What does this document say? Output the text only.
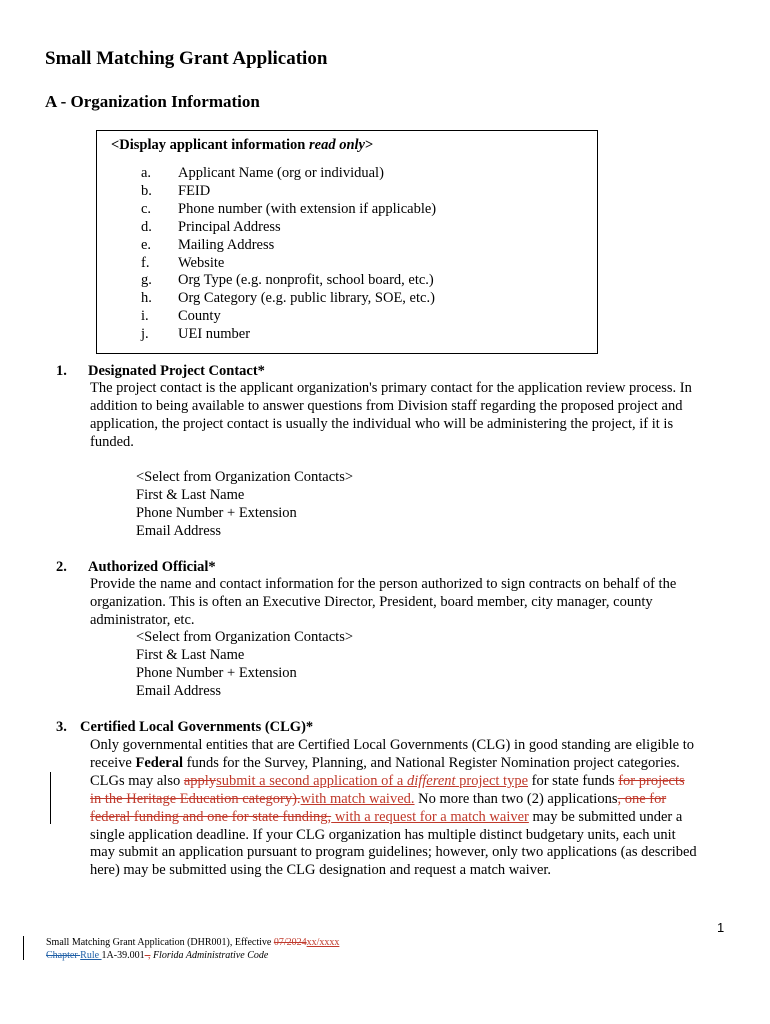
Small Matching Grant Application
A - Organization Information
<Display applicant information read only>
a. Applicant Name (org or individual)
b. FEID
c. Phone number (with extension if applicable)
d. Principal Address
e. Mailing Address
f. Website
g. Org Type (e.g. nonprofit, school board, etc.)
h. Org Category (e.g. public library, SOE, etc.)
i. County
j. UEI number
1. Designated Project Contact*
The project contact is the applicant organization's primary contact for the application review process. In
addition to being available to answer questions from Division staff regarding the proposed project and
application, the project contact is usually the individual who will be administering the project, if it is
funded.
<Select from Organization Contacts>
First & Last Name
Phone Number + Extension
Email Address
2. Authorized Official*
Provide the name and contact information for the person authorized to sign contracts on behalf of the
organization. This is often an Executive Director, President, board member, city manager, county
administrator, etc.
<Select from Organization Contacts>
First & Last Name
Phone Number + Extension
Email Address
3. Certified Local Governments (CLG)*
Only governmental entities that are Certified Local Governments (CLG) in good standing are eligible to
receive Federal funds for the Survey, Planning, and National Register Nomination project categories.
CLGs may also applysubmit a second application of a different project type for state funds for projects
in the Heritage Education category).with match waived. No more than two (2) applications, one for
federal funding and one for state funding, with a request for a match waiver may be submitted under a
single application deadline. If your CLG organization has multiple distinct budgetary units, each unit
may submit an application pursuant to program guidelines; however, only two applications (as described
here) may be submitted using the CLG designation and request a match waiver.
1
Small Matching Grant Application (DHR001), Effective 07/2024xx/xxxx
Chapter Rule 1A-39.001-, Florida Administrative Code
